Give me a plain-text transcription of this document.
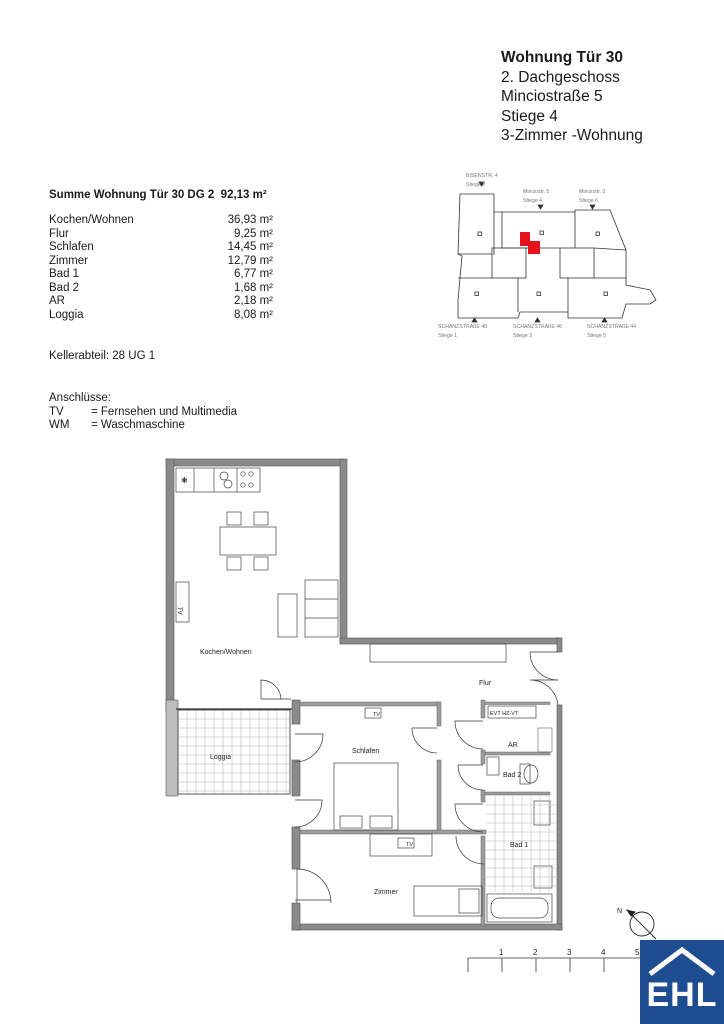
Wohnung Tür 30
2. Dachgeschoss
Minciostraße 5
Stiege 4
3-Zimmer -Wohnung
Summe Wohnung Tür 30 DG 2 92,13 m²
Kochen/Wohnen	36,93 m²
Flur	9,25 m²
Schlafen	14,45 m²
Zimmer	12,79 m²
Bad 1	6,77 m²
Bad 2	1,68 m²
AR	2,18 m²
Loggia	8,08 m²
Kellerabteil: 28 UG 1
Anschlüsse:
TV	= Fernsehen und Multimedia
WM	= Waschmaschine
BISENSTR. 4
Stiege 2
Minciostr. 5
Stiege 4
Minciostr. 3
Stiege 6
SCHANZSTRAßE 48
Stiege 1
SCHANZSTRAßE 46
Stiege 3
SCHANZSTRAßE 44
Stiege 5
✱
TV
TV
TV
EVT HZ-VT
Kochen/Wohnen
Flur
Schlafen
Loggia
AR
Bad 2
Bad 1
Zimmer
N
1	2	3	4	5
EHL
